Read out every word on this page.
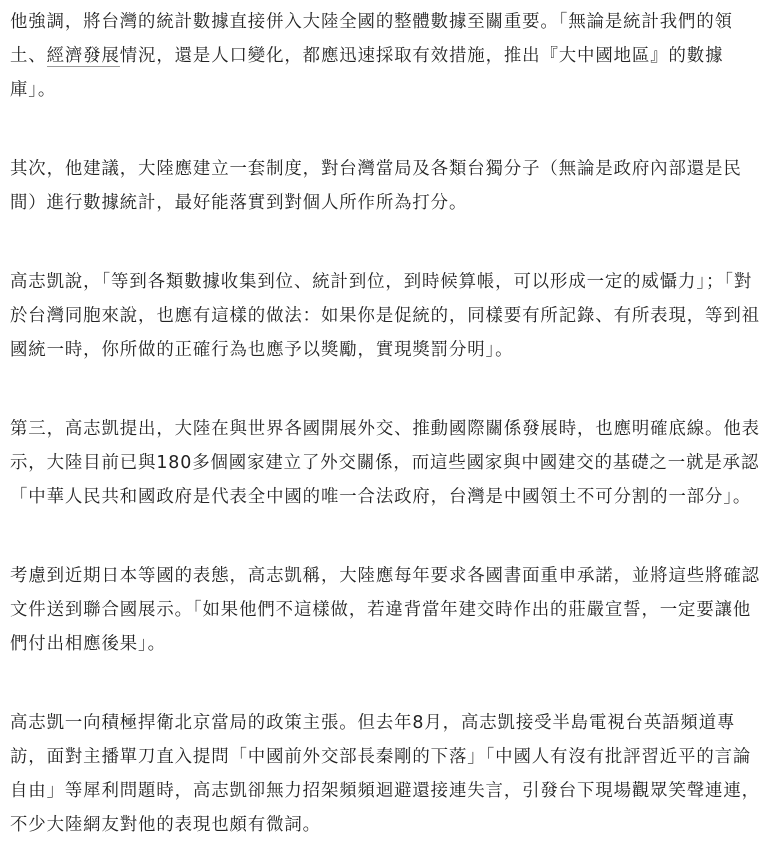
他強調，將台灣的統計數據直接併入大陸全國的整體數據至關重要。「無論是統計我們的領土、經濟發展情況，還是人口變化，都應迅速採取有效措施，推出『大中國地區』的數據庫」。

其次，他建議，大陸應建立一套制度，對台灣當局及各類台獨分子（無論是政府內部還是民間）進行數據統計，最好能落實到對個人所作所為打分。

高志凱說，「等到各類數據收集到位、統計到位，到時候算帳，可以形成一定的威懾力」；「對於台灣同胞來說，也應有這樣的做法：如果你是促統的，同樣要有所記錄、有所表現，等到祖國統一時，你所做的正確行為也應予以獎勵，實現獎罰分明」。

第三，高志凱提出，大陸在與世界各國開展外交、推動國際關係發展時，也應明確底線。他表示，大陸目前已與180多個國家建立了外交關係，而這些國家與中國建交的基礎之一就是承認「中華人民共和國政府是代表全中國的唯一合法政府，台灣是中國領土不可分割的一部分」。

考慮到近期日本等國的表態，高志凱稱，大陸應每年要求各國書面重申承諾，並將這些將確認文件送到聯合國展示。「如果他們不這樣做，若違背當年建交時作出的莊嚴宣誓，一定要讓他們付出相應後果」。

高志凱一向積極捍衛北京當局的政策主張。但去年8月，高志凱接受半島電視台英語頻道專訪，面對主播單刀直入提問「中國前外交部長秦剛的下落」「中國人有沒有批評習近平的言論自由」等犀利問題時，高志凱卻無力招架頻頻迴避還接連失言，引發台下現場觀眾笑聲連連，不少大陸網友對他的表現也頗有微詞。
